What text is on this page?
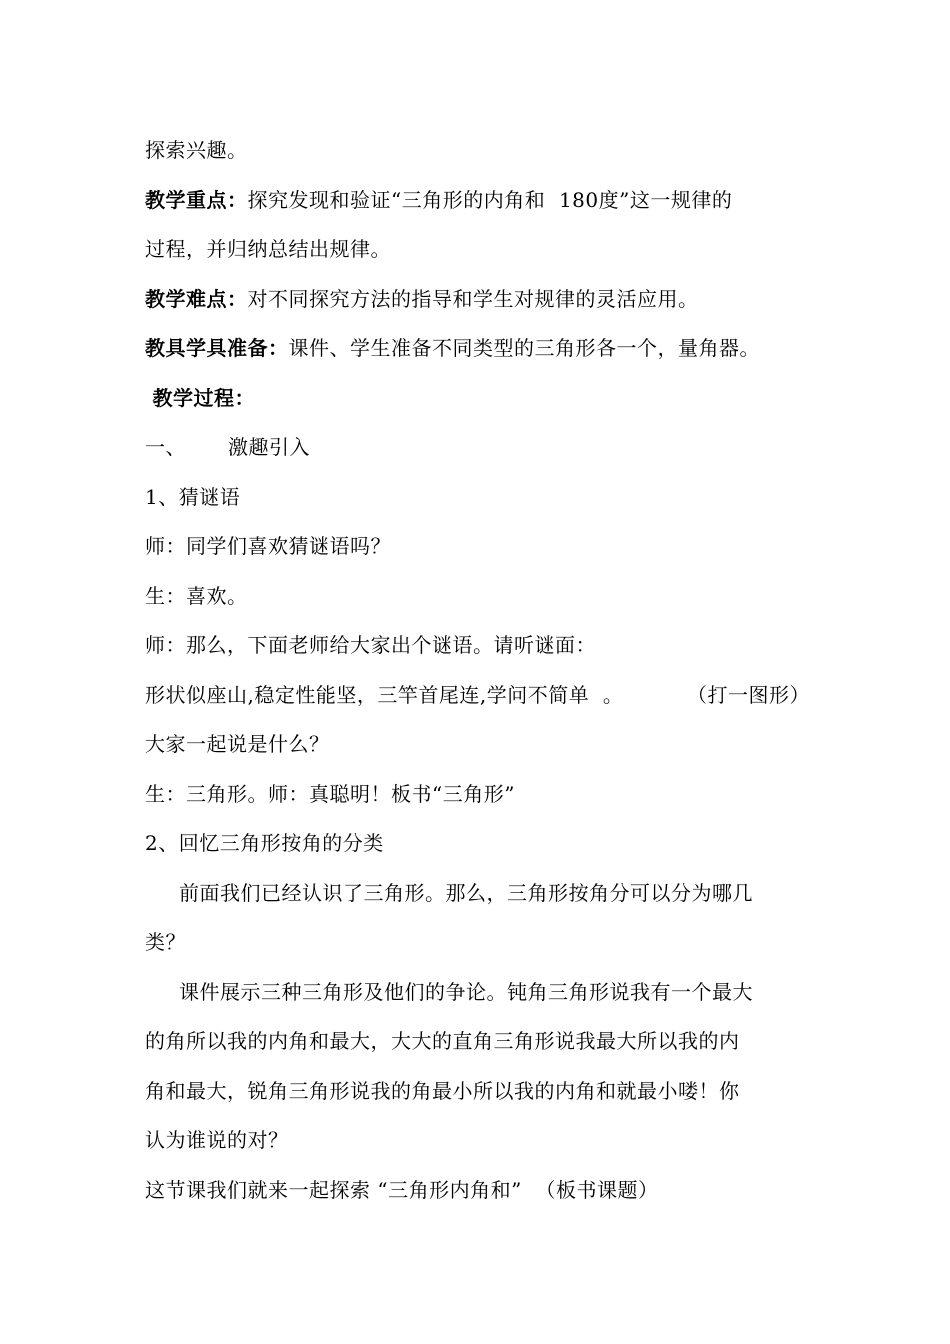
探索兴趣。
教学重点：探究发现和验证“三角形的内角和  180度”这一规律的
过程，并归纳总结出规律。
教学难点：对不同探究方法的指导和学生对规律的灵活应用。
教具学具准备：课件、学生准备不同类型的三角形各一个，量角器。
教学过程：
一、 激趣引入
1、猜谜语
师：同学们喜欢猜谜语吗？
生：喜欢。
师：那么，下面老师给大家出个谜语。请听谜面：
形状似座山,稳定性能坚，三竿首尾连,学问不简单  。	（打一图形）
大家一起说是什么？
生：三角形。师：真聪明！板书“三角形”
2、回忆三角形按角的分类
前面我们已经认识了三角形。那么，三角形按角分可以分为哪几
类？
课件展示三种三角形及他们的争论。钝角三角形说我有一个最大
的角所以我的内角和最大，大大的直角三角形说我最大所以我的内
角和最大，锐角三角形说我的角最小所以我的内角和就最小喽！你
认为谁说的对？
这节课我们就来一起探索 “三角形内角和”  （板书课题）
